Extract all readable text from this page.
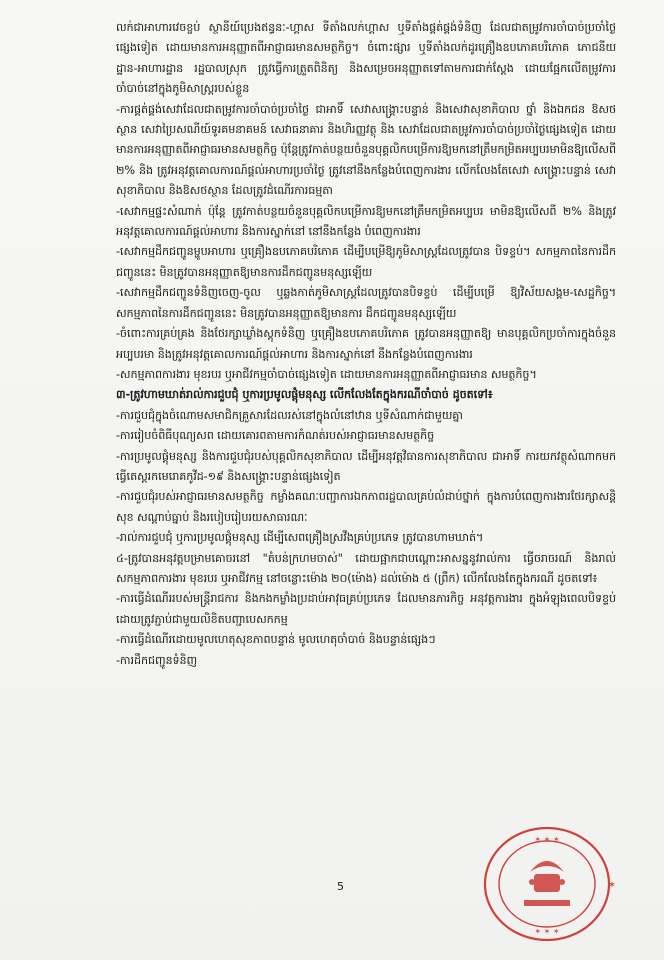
លក់ជាអាហារវេចខ្ចប់ ស្ថានីយ៍ប្រេងឥន្ធនៈ-ហ្គាស ទីតាំងលក់ហ្គាស ឬទីតាំងផ្គត់ផ្គង់ទំនិញ ដែលជាតម្រូវការចាំបាច់ប្រចាំថ្ងៃផ្សេងទៀត ដោយមានការអនុញ្ញាតពីអាជ្ញាធរមានសមត្ថកិច្ច។ ចំពោះផ្សារ ឬទីតាំងលក់ដូរគ្រឿងឧបភោគបរិភោគ ភោជនីយដ្ឋាន-អាហារដ្ឋាន រដ្ឋបាលស្រុក ត្រូវធ្វើការត្រួតពិនិត្យ និងសម្រេចអនុញ្ញាតទៅតាមការជាក់ស្តែង ដោយផ្អែកលើតម្រូវការ ចាំបាច់នៅក្នុងភូមិសាស្ត្ររបស់ខ្លួន

-ការផ្គត់ផ្គង់សេវាដែលជាតម្រូវការចាំបាច់ប្រចាំថ្ងៃ ជាអាទិ៍ សេវាសង្គ្រោះបន្ទាន់ និងសេវាសុខាភិបាល ថ្នាំ និងឯកជន ឱសថស្ថាន សេវាប្រៃសណីយ៍ទូរគមនាគមន៍ សេវាធនាគារ និងហិរញ្ញវត្ថុ និង សេវាដែលជាតម្រូវការចាំបាច់ប្រចាំថ្ងៃផ្សេងទៀត ដោយមានការអនុញ្ញាតពីអាជ្ញាធរមានសមត្ថកិច្ច ប៉ុន្តែត្រូវកាត់បន្ថយចំនួនបុគ្គលិកបម្រើការឱ្យមកនៅត្រឹមកម្រិតអប្បបរមាមិនឱ្យលើសពី ២% និង ត្រូវអនុវត្តគោលការណ៍ផ្តល់អាហារប្រចាំថ្ងៃ ត្រូវនៅនឹងកន្លែងបំពេញការងារ លើកលែងតែសេវា សង្គ្រោះបន្ទាន់ សេវាសុខាភិបាល និងឱសថស្ថាន ដែលត្រូវដំណើរការធម្មតា

-សេវាកម្មផ្ទះសំណាក់ ប៉ុន្តែ ត្រូវកាត់បន្ថយចំនួនបុគ្គលិកបម្រើការឱ្យមកនៅត្រឹមកម្រិតអប្បបរ មាមិនឱ្យលើសពី ២% និងត្រូវអនុវត្តគោលការណ៍ផ្តល់អាហារ និងការស្នាក់នៅ នៅនឹងកន្លែង បំពេញការងារ

-សេវាកម្មដឹកជញ្ជូនម្ហូបអាហារ ឬគ្រឿងឧបភោគបរិភោគ ដើម្បីបម្រើឱ្យភូមិសាស្ត្រដែលត្រូវបាន បិទខ្ទប់។ សកម្មភាពនៃការដឹកជញ្ជូននេះ មិនត្រូវបានអនុញ្ញាតឱ្យមានការដឹកជញ្ជូនមនុស្សឡើយ

-សេវាកម្មដឹកជញ្ជូនទំនិញចេញ-ចូល ឬឆ្លងកាត់ភូមិសាស្ត្រដែលត្រូវបានបិទខ្ទប់ ដើម្បីបម្រើ ឱ្យវិស័យសង្គម-សេដ្ឋកិច្ច។ សកម្មភាពនៃការដឹកជញ្ជូននេះ មិនត្រូវបានអនុញ្ញាតឱ្យមានការ ដឹកជញ្ជូនមនុស្សឡើយ

-ចំពោះការគ្រប់គ្រង និងថែរក្សាឃ្លាំងស្តុកទំនិញ ឬគ្រឿងឧបភោគបរិភោគ ត្រូវបានអនុញ្ញាតឱ្យ មានបុគ្គលិកប្រចាំការក្នុងចំនួនអប្បបរមា និងត្រូវអនុវត្តគោលការណ៍ផ្តល់អាហារ និងការស្នាក់នៅ នឹងកន្លែងបំពេញការងារ

-សកម្មភាពការងារ មុខរបរ ឬអាជីវកម្មចាំបាច់ផ្សេងទៀត ដោយមានការអនុញ្ញាតពីអាជ្ញាធរមាន សមត្ថកិច្ច។

៣-ត្រូវហាមឃាត់រាល់ការជួបជុំ ឬការប្រមូលផ្តុំមនុស្ស លើកលែងតែក្នុងករណីចាំបាច់ ដូចតទៅ៖

-ការជួបជុំក្នុងចំណោមសមាជិកគ្រួសារដែលរស់នៅក្នុងលំនៅឋាន ឬទីសំណាក់ជាមួយគ្នា

-ការរៀបចំពិធីបុណ្យសព ដោយគោរពតាមការកំណត់របស់អាជ្ញាធរមានសមត្ថកិច្ច

-ការប្រមូលផ្តុំមនុស្ស និងការជួបជុំរបស់បុគ្គលិកសុខាភិបាល ដើម្បីអនុវត្តវិធានការសុខាភិបាល ជាអាទិ៍ ការយកវត្ថុសំណាកមកធ្វើតេស្តរកមេរោគកូវីដ-១៩ និងសង្គ្រោះបន្ទាន់ផ្សេងទៀត

-ការជួបជុំរបស់អាជ្ញាធរមានសមត្ថកិច្ច កម្លាំងគណៈបញ្ជាការឯកភាពរដ្ឋបាលគ្រប់លំដាប់ថ្នាក់ ក្នុងការបំពេញការងារថែរក្សាសន្តិសុខ សណ្តាប់ធ្នាប់ និងរបៀបរៀបរយសាធារណៈ

-រាល់ការជួបជុំ ឬការប្រមូលផ្តុំមនុស្ស ដើម្បីសេពគ្រឿងស្រវឹងគ្រប់ប្រភេទ ត្រូវបានហាមឃាត់។

៤-ត្រូវបានអនុវត្តបម្រាមគោចរនៅ "តំបន់ក្រហមចាស់" ដោយផ្អាកជាបណ្តោះអាសន្ននូវរាល់ការ ធ្វើចរាចរណ៍ និងរាល់សកម្មភាពការងារ មុខរបរ ឬអាជីវកម្ម នៅចន្លោះម៉ោង ២០(ម៉ោង) ដល់ម៉ោង ៥ (ព្រឹក) លើកលែងតែក្នុងករណី ដូចតទៅ៖

-ការធ្វើដំណើររបស់មន្ត្រីរាជការ និងកងកម្លាំងប្រដាប់អាវុធគ្រប់ប្រភេទ ដែលមានភារកិច្ច អនុវត្តការងារ ក្នុងអំឡុងពេលបិទខ្ទប់ ដោយត្រូវភ្ជាប់ជាមួយលិខិតបញ្ជាបេសកកម្ម

-ការធ្វើដំណើរដោយមូលហេតុសុខភាពបន្ទាន់ មូលហេតុចាំបាច់ និងបន្ទាន់ផ្សេងៗ

-ការដឹកជញ្ជូនទំនិញ

5
✶ ✶ ✶
✶ ✶ ✶
✶
